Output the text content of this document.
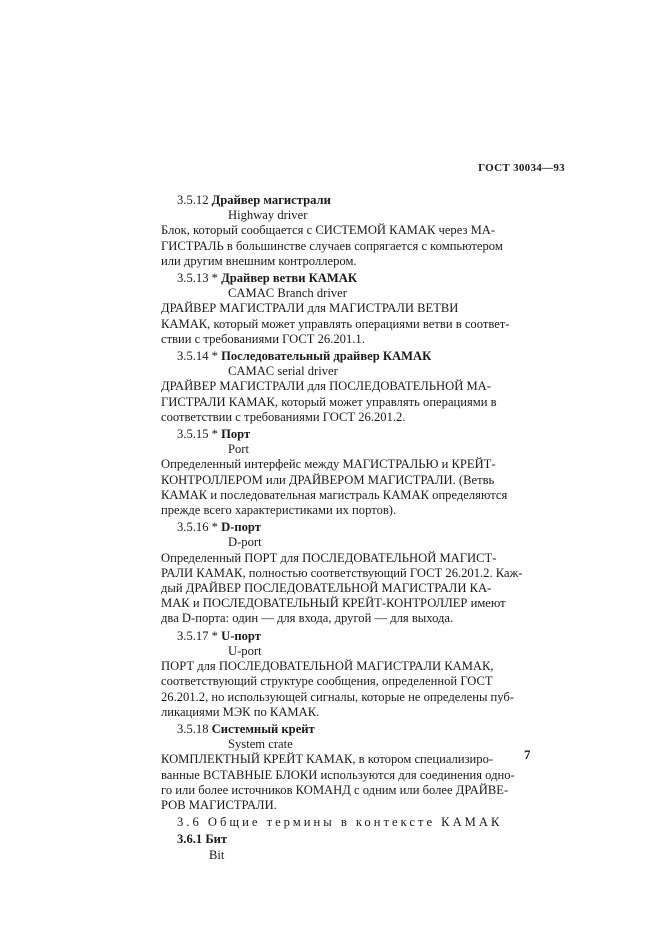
ГОСТ 30034—93
3.5.12 Драйвер магистрали
Highway driver
Блок, который сообщается с СИСТЕМОЙ КАМАК через МА-
ГИСТРАЛЬ в большинстве случаев сопрягается с компьютером
или другим внешним контроллером.
3.5.13 * Драйвер ветви КАМАК
CAMAC Branch driver
ДРАЙВЕР МАГИСТРАЛИ для МАГИСТРАЛИ ВЕТВИ
КАМАК, который может управлять операциями ветви в соответ-
ствии с требованиями ГОСТ 26.201.1.
3.5.14 * Последовательный драйвер КАМАК
CAMAC serial driver
ДРАЙВЕР МАГИСТРАЛИ для ПОСЛЕДОВАТЕЛЬНОЙ МА-
ГИСТРАЛИ КАМАК, который может управлять операциями в
соответствии с требованиями ГОСТ 26.201.2.
3.5.15 * Порт
Port
Определенный интерфейс между МАГИСТРАЛЬЮ и КРЕЙТ-
КОНТРОЛЛЕРОМ или ДРАЙВЕРОМ МАГИСТРАЛИ. (Ветвь
КАМАК и последовательная магистраль КАМАК определяются
прежде всего характеристиками их портов).
3.5.16 * D-порт
D-port
Определенный ПОРТ для ПОСЛЕДОВАТЕЛЬНОЙ МАГИСТ-
РАЛИ КАМАК, полностью соответствующий ГОСТ 26.201.2. Каж-
дый ДРАЙВЕР ПОСЛЕДОВАТЕЛЬНОЙ МАГИСТРАЛИ КА-
МАК и ПОСЛЕДОВАТЕЛЬНЫЙ КРЕЙТ-КОНТРОЛЛЕР имеют
два D-порта: один — для входа, другой — для выхода.
3.5.17 * U-порт
U-port
ПОРТ для ПОСЛЕДОВАТЕЛЬНОЙ МАГИСТРАЛИ КАМАК,
соответствующий структуре сообщения, определенной ГОСТ
26.201.2, но использующей сигналы, которые не определены пуб-
ликациями МЭК по КАМАК.
3.5.18 Системный крейт
System crate
КОМПЛЕКТНЫЙ КРЕЙТ КАМАК, в котором специализиро-
ванные ВСТАВНЫЕ БЛОКИ используются для соединения одно-
го или более источников КОМАНД с одним или более ДРАЙВЕ-
РОВ МАГИСТРАЛИ.
3.6 Общие термины в контексте КАМАК
3.6.1 Бит
Bit
7
